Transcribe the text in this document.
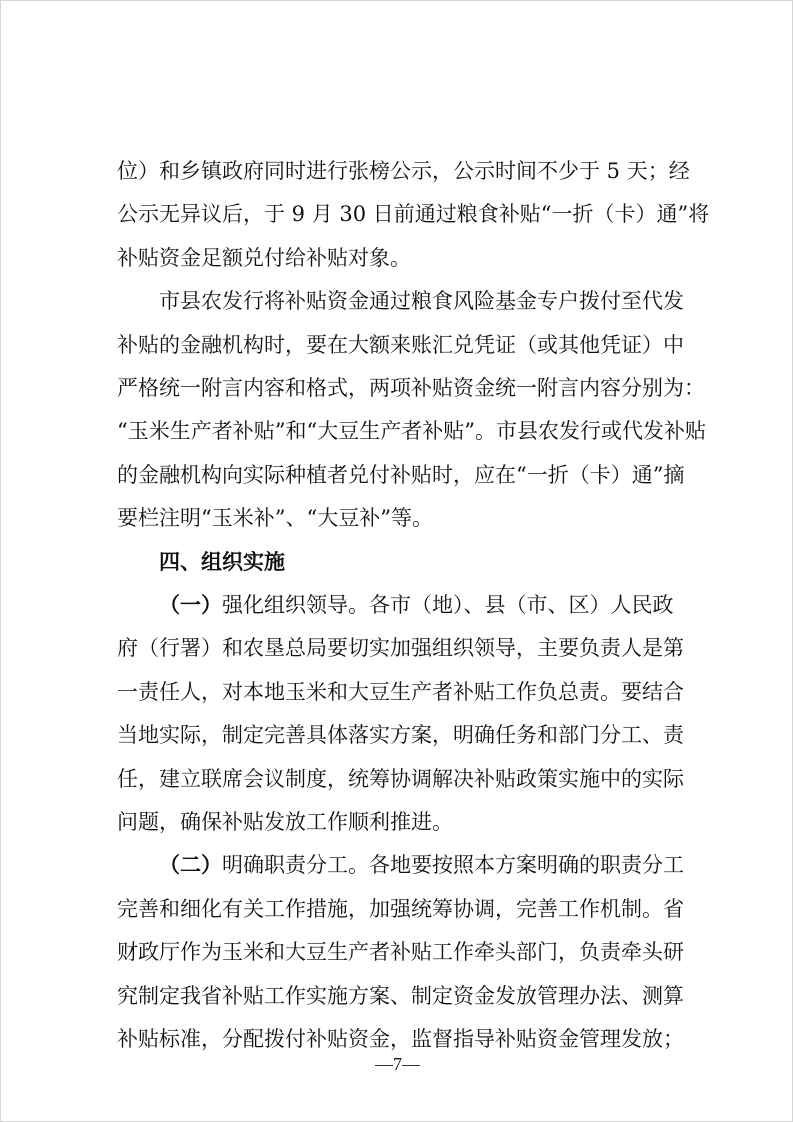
位）和乡镇政府同时进行张榜公示，公示时间不少于 5 天；经
公示无异议后，于 9 月 30 日前通过粮食补贴“一折（卡）通”将
补贴资金足额兑付给补贴对象。
市县农发行将补贴资金通过粮食风险基金专户拨付至代发
补贴的金融机构时，要在大额来账汇兑凭证（或其他凭证）中
严格统一附言内容和格式，两项补贴资金统一附言内容分别为：
“玉米生产者补贴”和“大豆生产者补贴”。市县农发行或代发补贴
的金融机构向实际种植者兑付补贴时，应在“一折（卡）通”摘
要栏注明“玉米补”、“大豆补”等。
四、组织实施
（一）强化组织领导。各市（地）、县（市、区）人民政
府（行署）和农垦总局要切实加强组织领导，主要负责人是第
一责任人，对本地玉米和大豆生产者补贴工作负总责。要结合
当地实际，制定完善具体落实方案，明确任务和部门分工、责
任，建立联席会议制度，统筹协调解决补贴政策实施中的实际
问题，确保补贴发放工作顺利推进。
（二）明确职责分工。各地要按照本方案明确的职责分工
完善和细化有关工作措施，加强统筹协调，完善工作机制。省
财政厅作为玉米和大豆生产者补贴工作牵头部门，负责牵头研
究制定我省补贴工作实施方案、制定资金发放管理办法、测算
—7—
补贴标准，分配拨付补贴资金，监督指导补贴资金管理发放；
